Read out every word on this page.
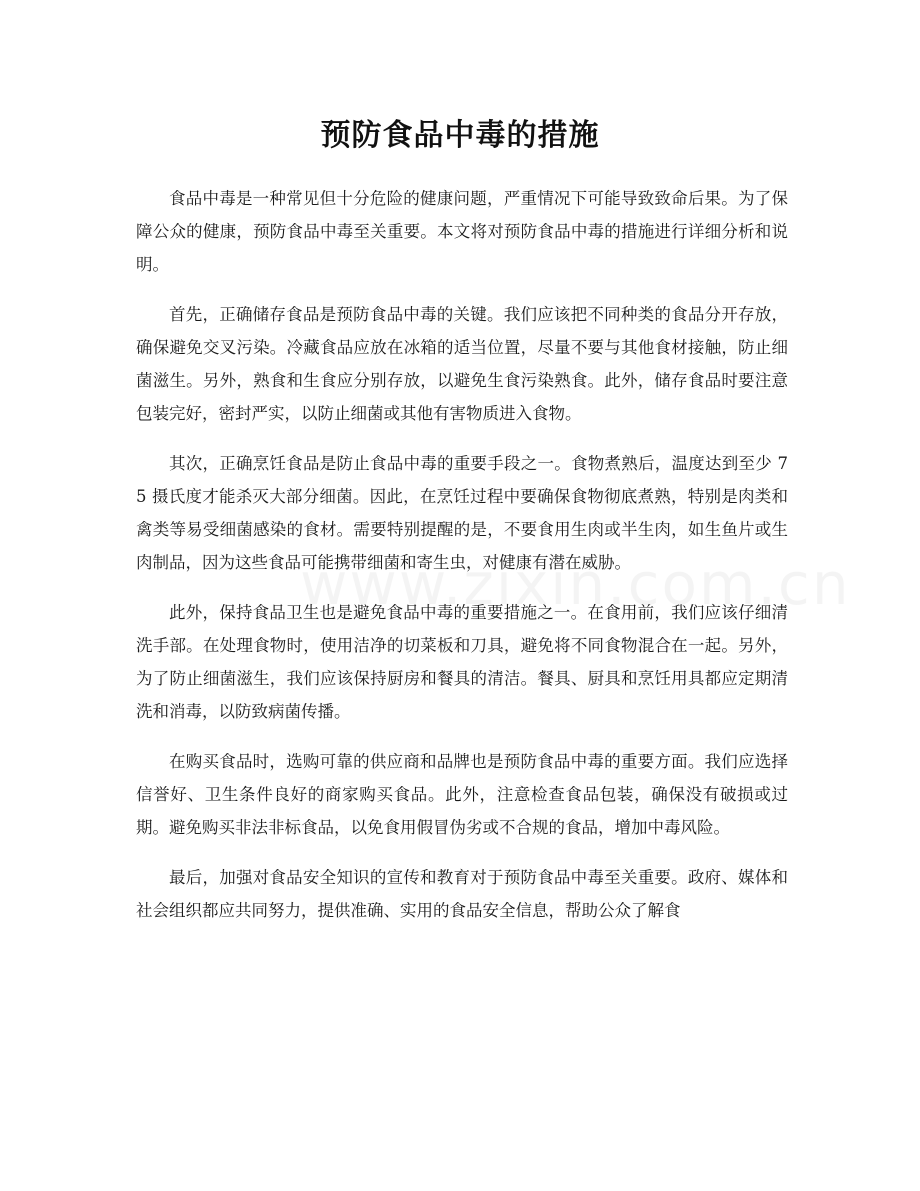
预防食品中毒的措施

食品中毒是一种常见但十分危险的健康问题，严重情况下可能导致致命后果。为了保障公众的健康，预防食品中毒至关重要。本文将对预防食品中毒的措施进行详细分析和说明。

首先，正确储存食品是预防食品中毒的关键。我们应该把不同种类的食品分开存放，确保避免交叉污染。冷藏食品应放在冰箱的适当位置，尽量不要与其他食材接触，防止细菌滋生。另外，熟食和生食应分别存放，以避免生食污染熟食。此外，储存食品时要注意包装完好，密封严实，以防止细菌或其他有害物质进入食物。

其次，正确烹饪食品是防止食品中毒的重要手段之一。食物煮熟后，温度达到至少 75 摄氏度才能杀灭大部分细菌。因此，在烹饪过程中要确保食物彻底煮熟，特别是肉类和禽类等易受细菌感染的食材。需要特别提醒的是，不要食用生肉或半生肉，如生鱼片或生肉制品，因为这些食品可能携带细菌和寄生虫，对健康有潜在威胁。

此外，保持食品卫生也是避免食品中毒的重要措施之一。在食用前，我们应该仔细清洗手部。在处理食物时，使用洁净的切菜板和刀具，避免将不同食物混合在一起。另外，为了防止细菌滋生，我们应该保持厨房和餐具的清洁。餐具、厨具和烹饪用具都应定期清洗和消毒，以防致病菌传播。

在购买食品时，选购可靠的供应商和品牌也是预防食品中毒的重要方面。我们应选择信誉好、卫生条件良好的商家购买食品。此外，注意检查食品包装，确保没有破损或过期。避免购买非法非标食品，以免食用假冒伪劣或不合规的食品，增加中毒风险。

最后，加强对食品安全知识的宣传和教育对于预防食品中毒至关重要。政府、媒体和社会组织都应共同努力，提供准确、实用的食品安全信息，帮助公众了解食
